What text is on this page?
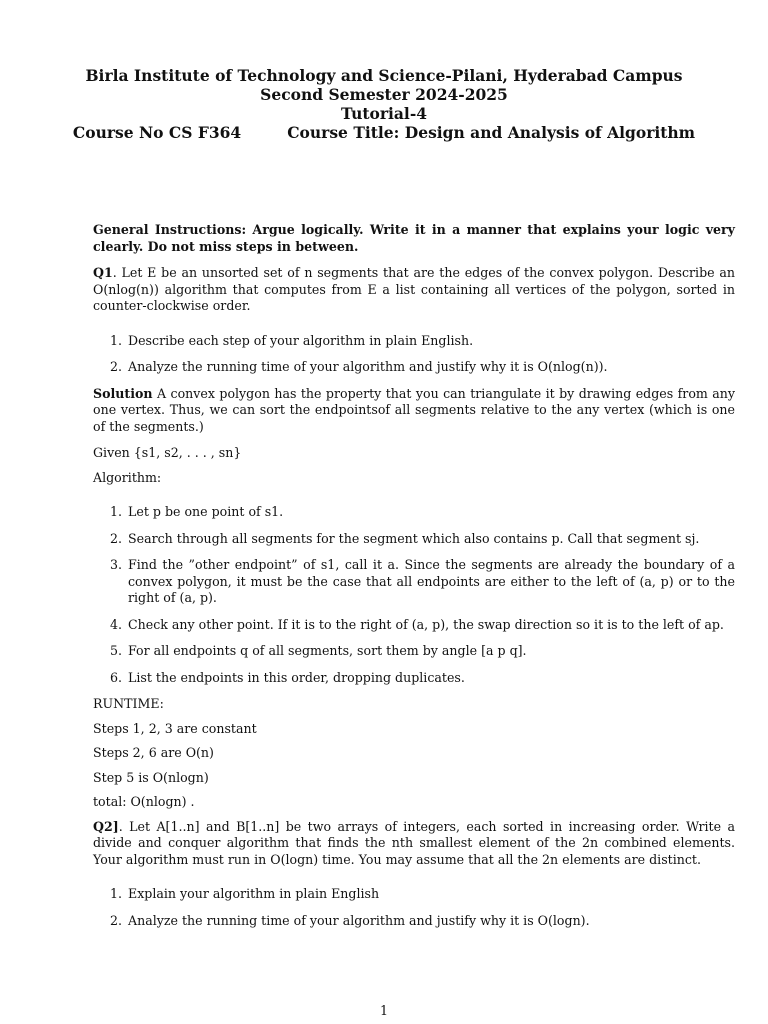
Birla Institute of Technology and Science-Pilani, Hyderabad Campus
Second Semester 2024-2025
Tutorial-4
Course No CS F364	Course Title: Design and Analysis of Algorithm

General Instructions: Argue logically. Write it in a manner that explains your logic very clearly. Do not miss steps in between.

Q1. Let E be an unsorted set of n segments that are the edges of the convex polygon. Describe an O(nlog(n)) algorithm that computes from E a list containing all vertices of the polygon, sorted in counter-clockwise order.

1. Describe each step of your algorithm in plain English.
2. Analyze the running time of your algorithm and justify why it is O(nlog(n)).

Solution A convex polygon has the property that you can triangulate it by drawing edges from any one vertex. Thus, we can sort the endpointsof all segments relative to the any vertex (which is one of the segments.)

Given {s1, s2, . . . , sn}

Algorithm:

1. Let p be one point of s1.
2. Search through all segments for the segment which also contains p. Call that segment sj.
3. Find the ”other endpoint” of s1, call it a. Since the segments are already the boundary of a convex polygon, it must be the case that all endpoints are either to the left of (a, p) or to the right of (a, p).
4. Check any other point. If it is to the right of (a, p), the swap direction so it is to the left of ap.
5. For all endpoints q of all segments, sort them by angle [a p q].
6. List the endpoints in this order, dropping duplicates.

RUNTIME:

Steps 1, 2, 3 are constant

Steps 2, 6 are O(n)

Step 5 is O(nlogn)

total: O(nlogn) .

Q2]. Let A[1..n] and B[1..n] be two arrays of integers, each sorted in increasing order. Write a divide and conquer algorithm that finds the nth smallest element of the 2n combined elements. Your algorithm must run in O(logn) time. You may assume that all the 2n elements are distinct.

1. Explain your algorithm in plain English
2. Analyze the running time of your algorithm and justify why it is O(logn).
1
